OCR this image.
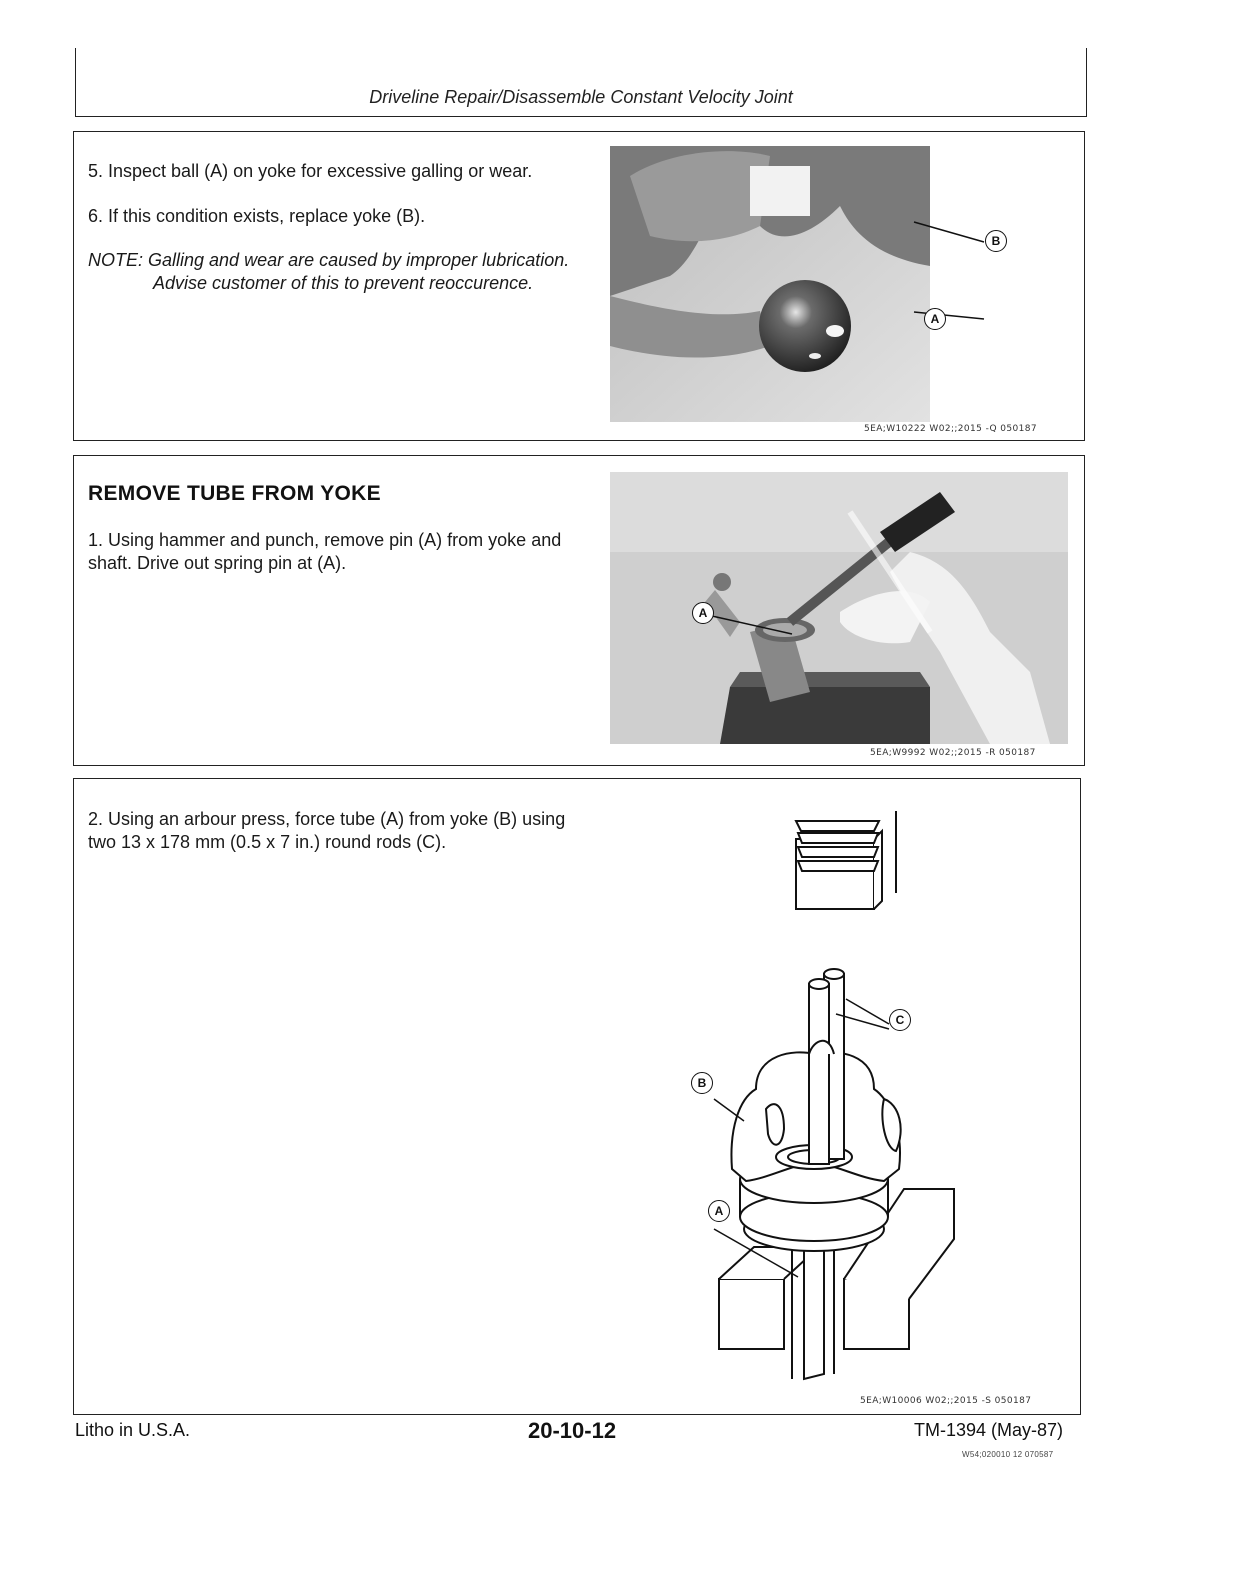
Driveline Repair/Disassemble Constant Velocity Joint
5. Inspect ball (A) on yoke for excessive galling or wear.
6. If this condition exists, replace yoke (B).
NOTE: Galling and wear are caused by improper lubrication.
Advise customer of this to prevent reoccurence.
B
A
5EA;W10222 W02;;2015 -Q 050187
REMOVE TUBE FROM YOKE
1. Using hammer and punch, remove pin (A) from yoke and
shaft. Drive out spring pin at (A).
A
5EA;W9992 W02;;2015 -R 050187
2. Using an arbour press, force tube (A) from yoke (B) using
two 13 x 178 mm (0.5 x 7 in.) round rods (C).
C
B
A
5EA;W10006 W02;;2015 -S 050187
Litho in U.S.A.	20-10-12	TM-1394 (May-87)
W54;020010 12 070587
